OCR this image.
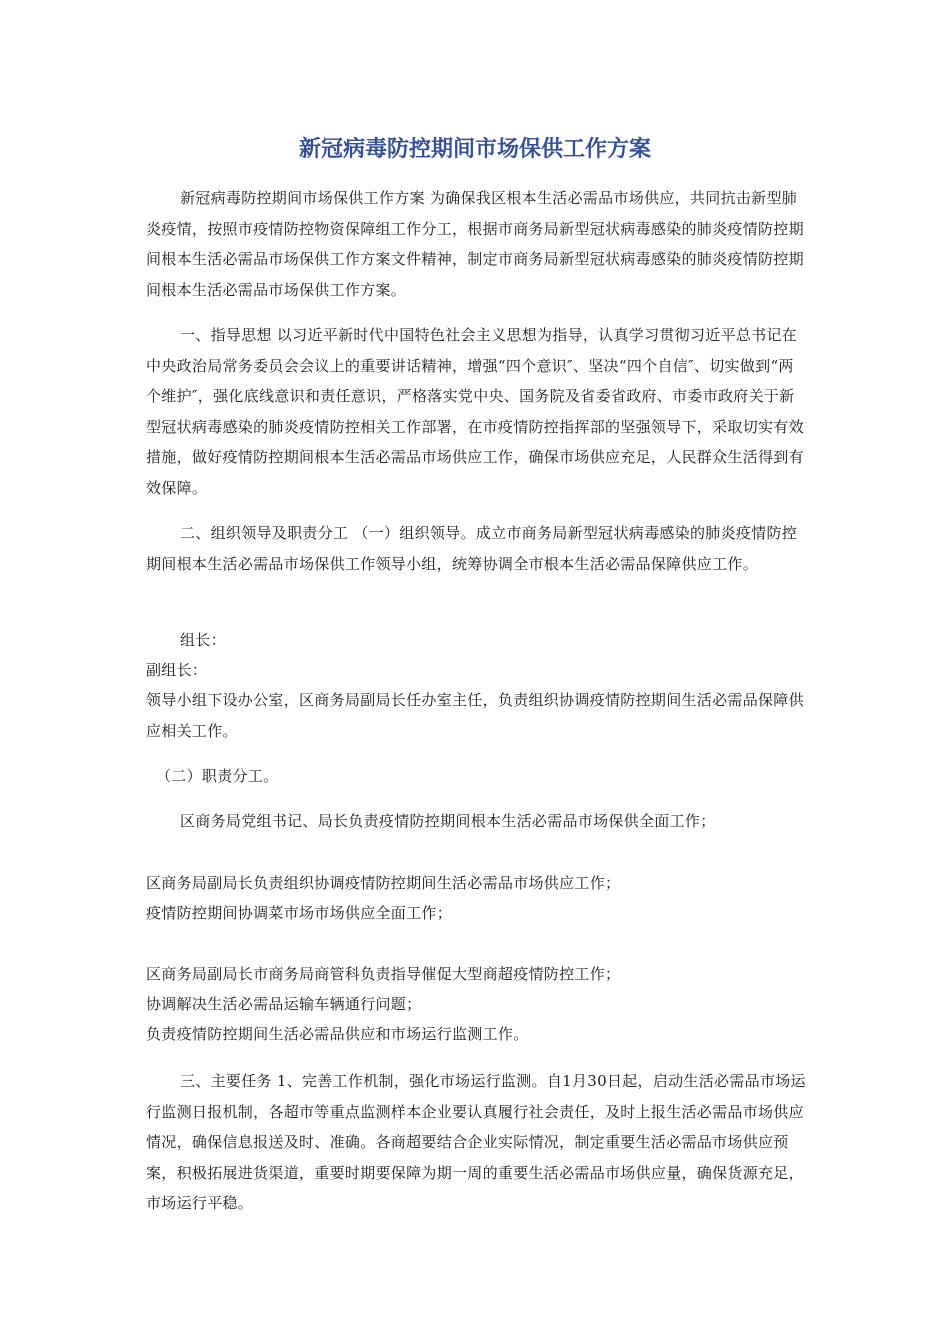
新冠病毒防控期间市场保供工作方案

新冠病毒防控期间市场保供工作方案 为确保我区根本生活必需品市场供应，共同抗击新型肺炎疫情，按照市疫情防控物资保障组工作分工，根据市商务局新型冠状病毒感染的肺炎疫情防控期间根本生活必需品市场保供工作方案文件精神，制定市商务局新型冠状病毒感染的肺炎疫情防控期间根本生活必需品市场保供工作方案。

一、指导思想 以习近平新时代中国特色社会主义思想为指导，认真学习贯彻习近平总书记在中央政治局常务委员会会议上的重要讲话精神，增强“四个意识″、坚决“四个自信″、切实做到“两个维护″，强化底线意识和责任意识，严格落实党中央、国务院及省委省政府、市委市政府关于新型冠状病毒感染的肺炎疫情防控相关工作部署，在市疫情防控指挥部的坚强领导下，采取切实有效措施，做好疫情防控期间根本生活必需品市场供应工作，确保市场供应充足，人民群众生活得到有效保障。

二、组织领导及职责分工 （一）组织领导。成立市商务局新型冠状病毒感染的肺炎疫情防控期间根本生活必需品市场保供工作领导小组，统筹协调全市根本生活必需品保障供应工作。

组长：

副组长：

领导小组下设办公室，区商务局副局长任办室主任，负责组织协调疫情防控期间生活必需品保障供应相关工作。

（二）职责分工。

区商务局党组书记、局长负责疫情防控期间根本生活必需品市场保供全面工作；

区商务局副局长负责组织协调疫情防控期间生活必需品市场供应工作；

疫情防控期间协调菜市场市场供应全面工作；

区商务局副局长市商务局商管科负责指导催促大型商超疫情防控工作；

协调解决生活必需品运输车辆通行问题；

负责疫情防控期间生活必需品供应和市场运行监测工作。

三、主要任务 1、完善工作机制，强化市场运行监测。自1月30日起，启动生活必需品市场运行监测日报机制，各超市等重点监测样本企业要认真履行社会责任，及时上报生活必需品市场供应情况，确保信息报送及时、准确。各商超要结合企业实际情况，制定重要生活必需品市场供应预案，积极拓展进货渠道，重要时期要保障为期一周的重要生活必需品市场供应量，确保货源充足，市场运行平稳。
